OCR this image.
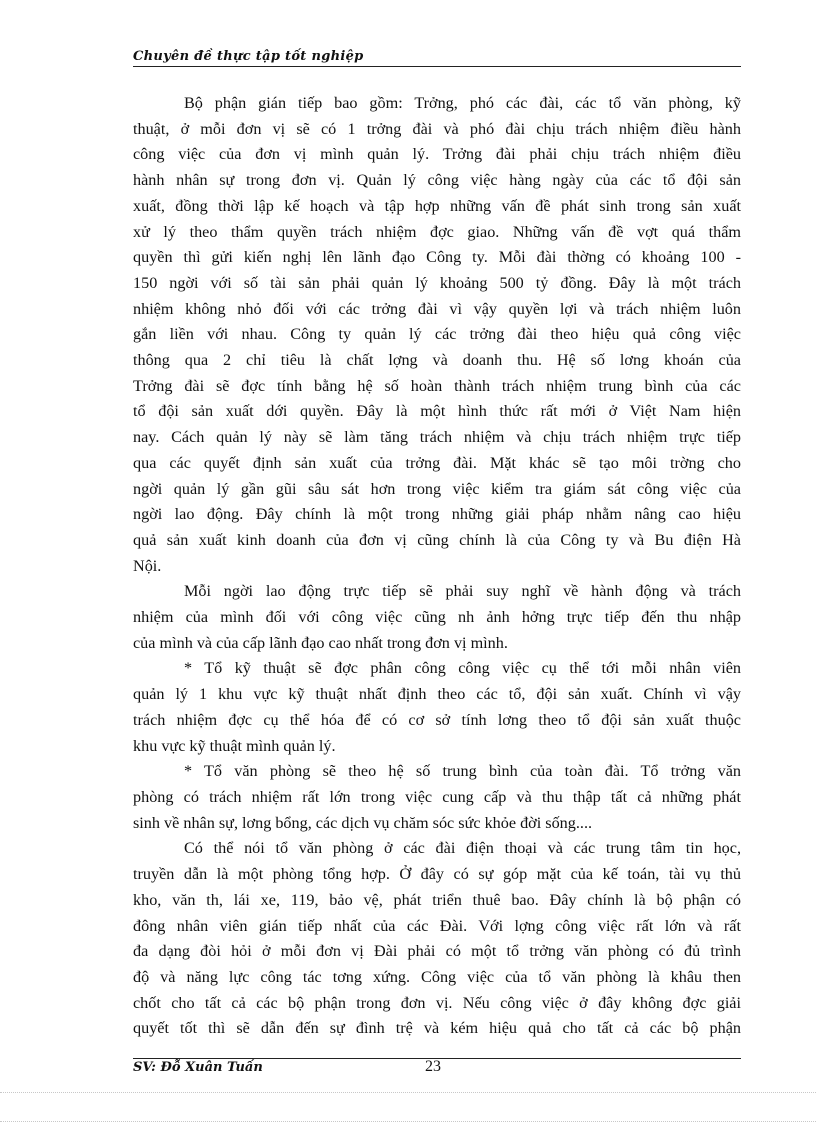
Chuyên đề thực tập tốt nghiệp
Bộ phận gián tiếp bao gồm: Trởng, phó các đài, các tổ văn phòng, kỹ
thuật, ở mỗi đơn vị sẽ có 1 trởng đài và phó đài chịu trách nhiệm điều hành
công việc của đơn vị mình quản lý. Trởng đài phải chịu trách nhiệm điều
hành nhân sự trong đơn vị. Quản lý công việc hàng ngày của các tổ đội sản
xuất, đồng thời lập kế hoạch và tập hợp những vấn đề phát sinh trong sản xuất
xử lý theo thẩm quyền trách nhiệm đợc giao. Những vấn đề vợt quá thẩm
quyền thì gửi kiến nghị lên lãnh đạo Công ty. Mỗi đài thờng có khoảng 100 -
150 ngời với số tài sản phải quản lý khoảng 500 tỷ đồng. Đây là một trách
nhiệm không nhỏ đối với các trởng đài vì vậy quyền lợi và trách nhiệm luôn
gắn liền với nhau. Công ty quản lý các trởng đài theo hiệu quả công việc
thông qua 2 chỉ tiêu là chất lợng và doanh thu. Hệ số lơng khoán của
Trởng đài sẽ đợc tính bằng hệ số hoàn thành trách nhiệm trung bình của các
tổ đội sản xuất dới quyền. Đây là một hình thức rất mới ở Việt Nam hiện
nay. Cách quản lý này sẽ làm tăng trách nhiệm và chịu trách nhiệm trực tiếp
qua các quyết định sản xuất của trởng đài. Mặt khác sẽ tạo môi trờng cho
ngời quản lý gần gũi sâu sát hơn trong việc kiểm tra giám sát công việc của
ngời lao động. Đây chính là một trong những giải pháp nhằm nâng cao hiệu
quả sản xuất kinh doanh của đơn vị cũng chính là của Công ty và Bu điện Hà
Nội.
Mỗi ngời lao động trực tiếp sẽ phải suy nghĩ về hành động và trách
nhiệm của mình đối với công việc cũng nh ảnh hởng trực tiếp đến thu nhập
của mình và của cấp lãnh đạo cao nhất trong đơn vị mình.
* Tổ kỹ thuật sẽ đợc phân công công việc cụ thể tới mỗi nhân viên
quản lý 1 khu vực kỹ thuật nhất định theo các tổ, đội sản xuất. Chính vì vậy
trách nhiệm đợc cụ thể hóa để có cơ sở tính lơng theo tổ đội sản xuất thuộc
khu vực kỹ thuật mình quản lý.
* Tổ văn phòng sẽ theo hệ số trung bình của toàn đài. Tổ trởng văn
phòng có trách nhiệm rất lớn trong việc cung cấp và thu thập tất cả những phát
sinh về nhân sự, lơng bổng, các dịch vụ chăm sóc sức khỏe đời sống....
Có thể nói tổ văn phòng ở các đài điện thoại và các trung tâm tin học,
truyền dẫn là một phòng tổng hợp. Ở đây có sự góp mặt của kế toán, tài vụ thủ
kho, văn th, lái xe, 119, bảo vệ, phát triển thuê bao. Đây chính là bộ phận có
đông nhân viên gián tiếp nhất của các Đài. Với lợng công việc rất lớn và rất
đa dạng đòi hỏi ở mỗi đơn vị Đài phải có một tổ trởng văn phòng có đủ trình
độ và năng lực công tác tơng xứng. Công việc của tổ văn phòng là khâu then
chốt cho tất cả các bộ phận trong đơn vị. Nếu công việc ở đây không đợc giải
quyết tốt thì sẽ dẫn đến sự đình trệ và kém hiệu quả cho tất cả các bộ phận
SV: Đỗ Xuân Tuấn	23
